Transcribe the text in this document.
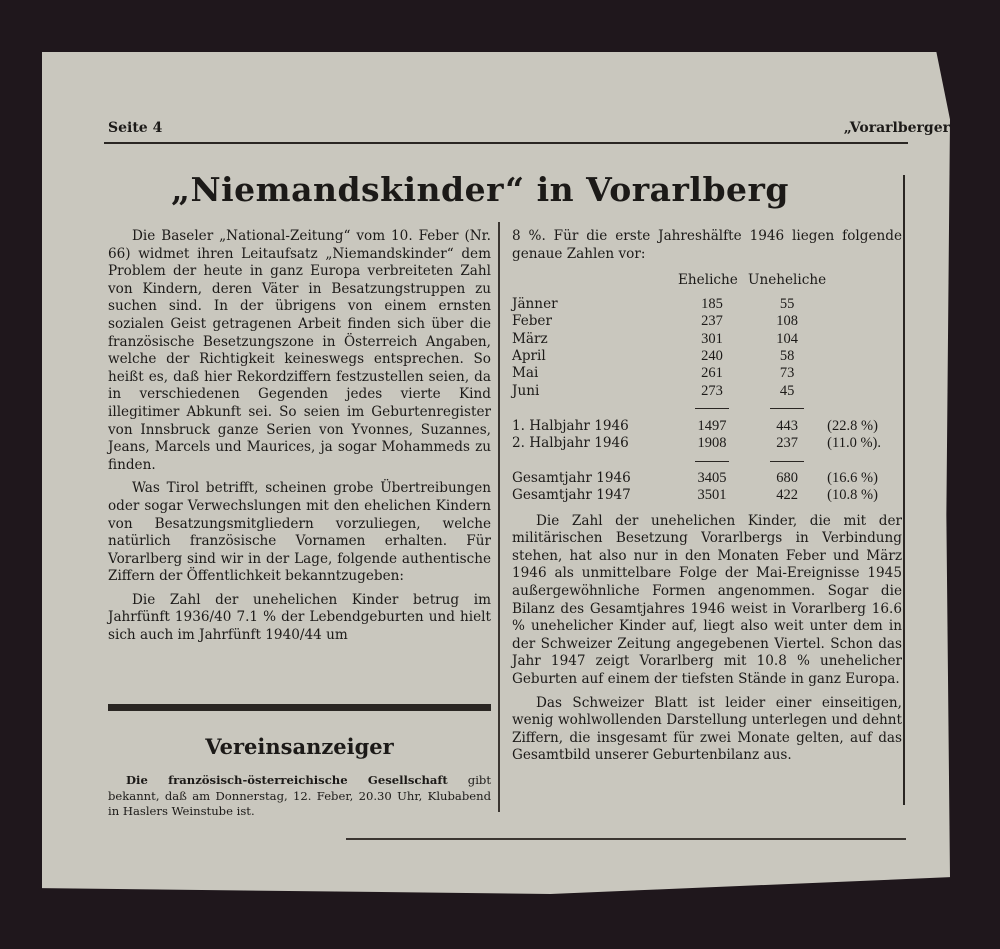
Seite 4	„Vorarlberger
„Niemandskinder“ in Vorarlberg

Die Baseler „National-Zeitung“ vom 10. Feber (Nr. 66) widmet ihren Leitaufsatz „Niemandskinder“ dem Problem der heute in ganz Europa verbreiteten Zahl von Kindern, deren Väter in Besatzungstruppen zu suchen sind. In der übrigens von einem ernsten sozialen Geist getragenen Arbeit finden sich über die französische Besetzungszone in Österreich Angaben, welche der Richtigkeit keineswegs entsprechen. So heißt es, daß hier Rekordziffern festzustellen seien, da in verschiedenen Gegenden jedes vierte Kind illegitimer Abkunft sei. So seien im Geburtenregister von Innsbruck ganze Serien von Yvonnes, Suzannes, Jeans, Marcels und Maurices, ja sogar Mohammeds zu finden.

Was Tirol betrifft, scheinen grobe Übertreibungen oder sogar Verwechslungen mit den ehelichen Kindern von Besatzungsmitgliedern vorzuliegen, welche natürlich französische Vornamen erhalten. Für Vorarlberg sind wir in der Lage, folgende authentische Ziffern der Öffentlichkeit bekanntzugeben:

Die Zahl der unehelichen Kinder betrug im Jahrfünft 1936/40 7.1 % der Lebendgeburten und hielt sich auch im Jahrfünft 1940/44 um

8 %. Für die erste Jahreshälfte 1946 liegen folgende genaue Zahlen vor:

	Eheliche	Uneheliche	
Jänner	185	55	
Feber	237	108	
März	301	104	
April	240	58	
Mai	261	73	
Juni	273	45	

1. Halbjahr 1946	1497	443	(22.8 %)
2. Halbjahr 1946	1908	237	(11.0 %).

Gesamtjahr 1946	3405	680	(16.6 %)
Gesamtjahr 1947	3501	422	(10.8 %)

Die Zahl der unehelichen Kinder, die mit der militärischen Besetzung Vorarlbergs in Verbindung stehen, hat also nur in den Monaten Feber und März 1946 als unmittelbare Folge der Mai-Ereignisse 1945 außergewöhnliche Formen angenommen. Sogar die Bilanz des Gesamtjahres 1946 weist in Vorarlberg 16.6 % unehelicher Kinder auf, liegt also weit unter dem in der Schweizer Zeitung angegebenen Viertel. Schon das Jahr 1947 zeigt Vorarlberg mit 10.8 % unehelicher Geburten auf einem der tiefsten Stände in ganz Europa.

Das Schweizer Blatt ist leider einer einseitigen, wenig wohlwollenden Darstellung unterlegen und dehnt Ziffern, die insgesamt für zwei Monate gelten, auf das Gesamtbild unserer Geburtenbilanz aus.

Vereinsanzeiger
Die französisch-österreichische Gesellschaft gibt bekannt, daß am Donnerstag, 12. Feber, 20.30 Uhr, Klubabend in Haslers Weinstube ist.
